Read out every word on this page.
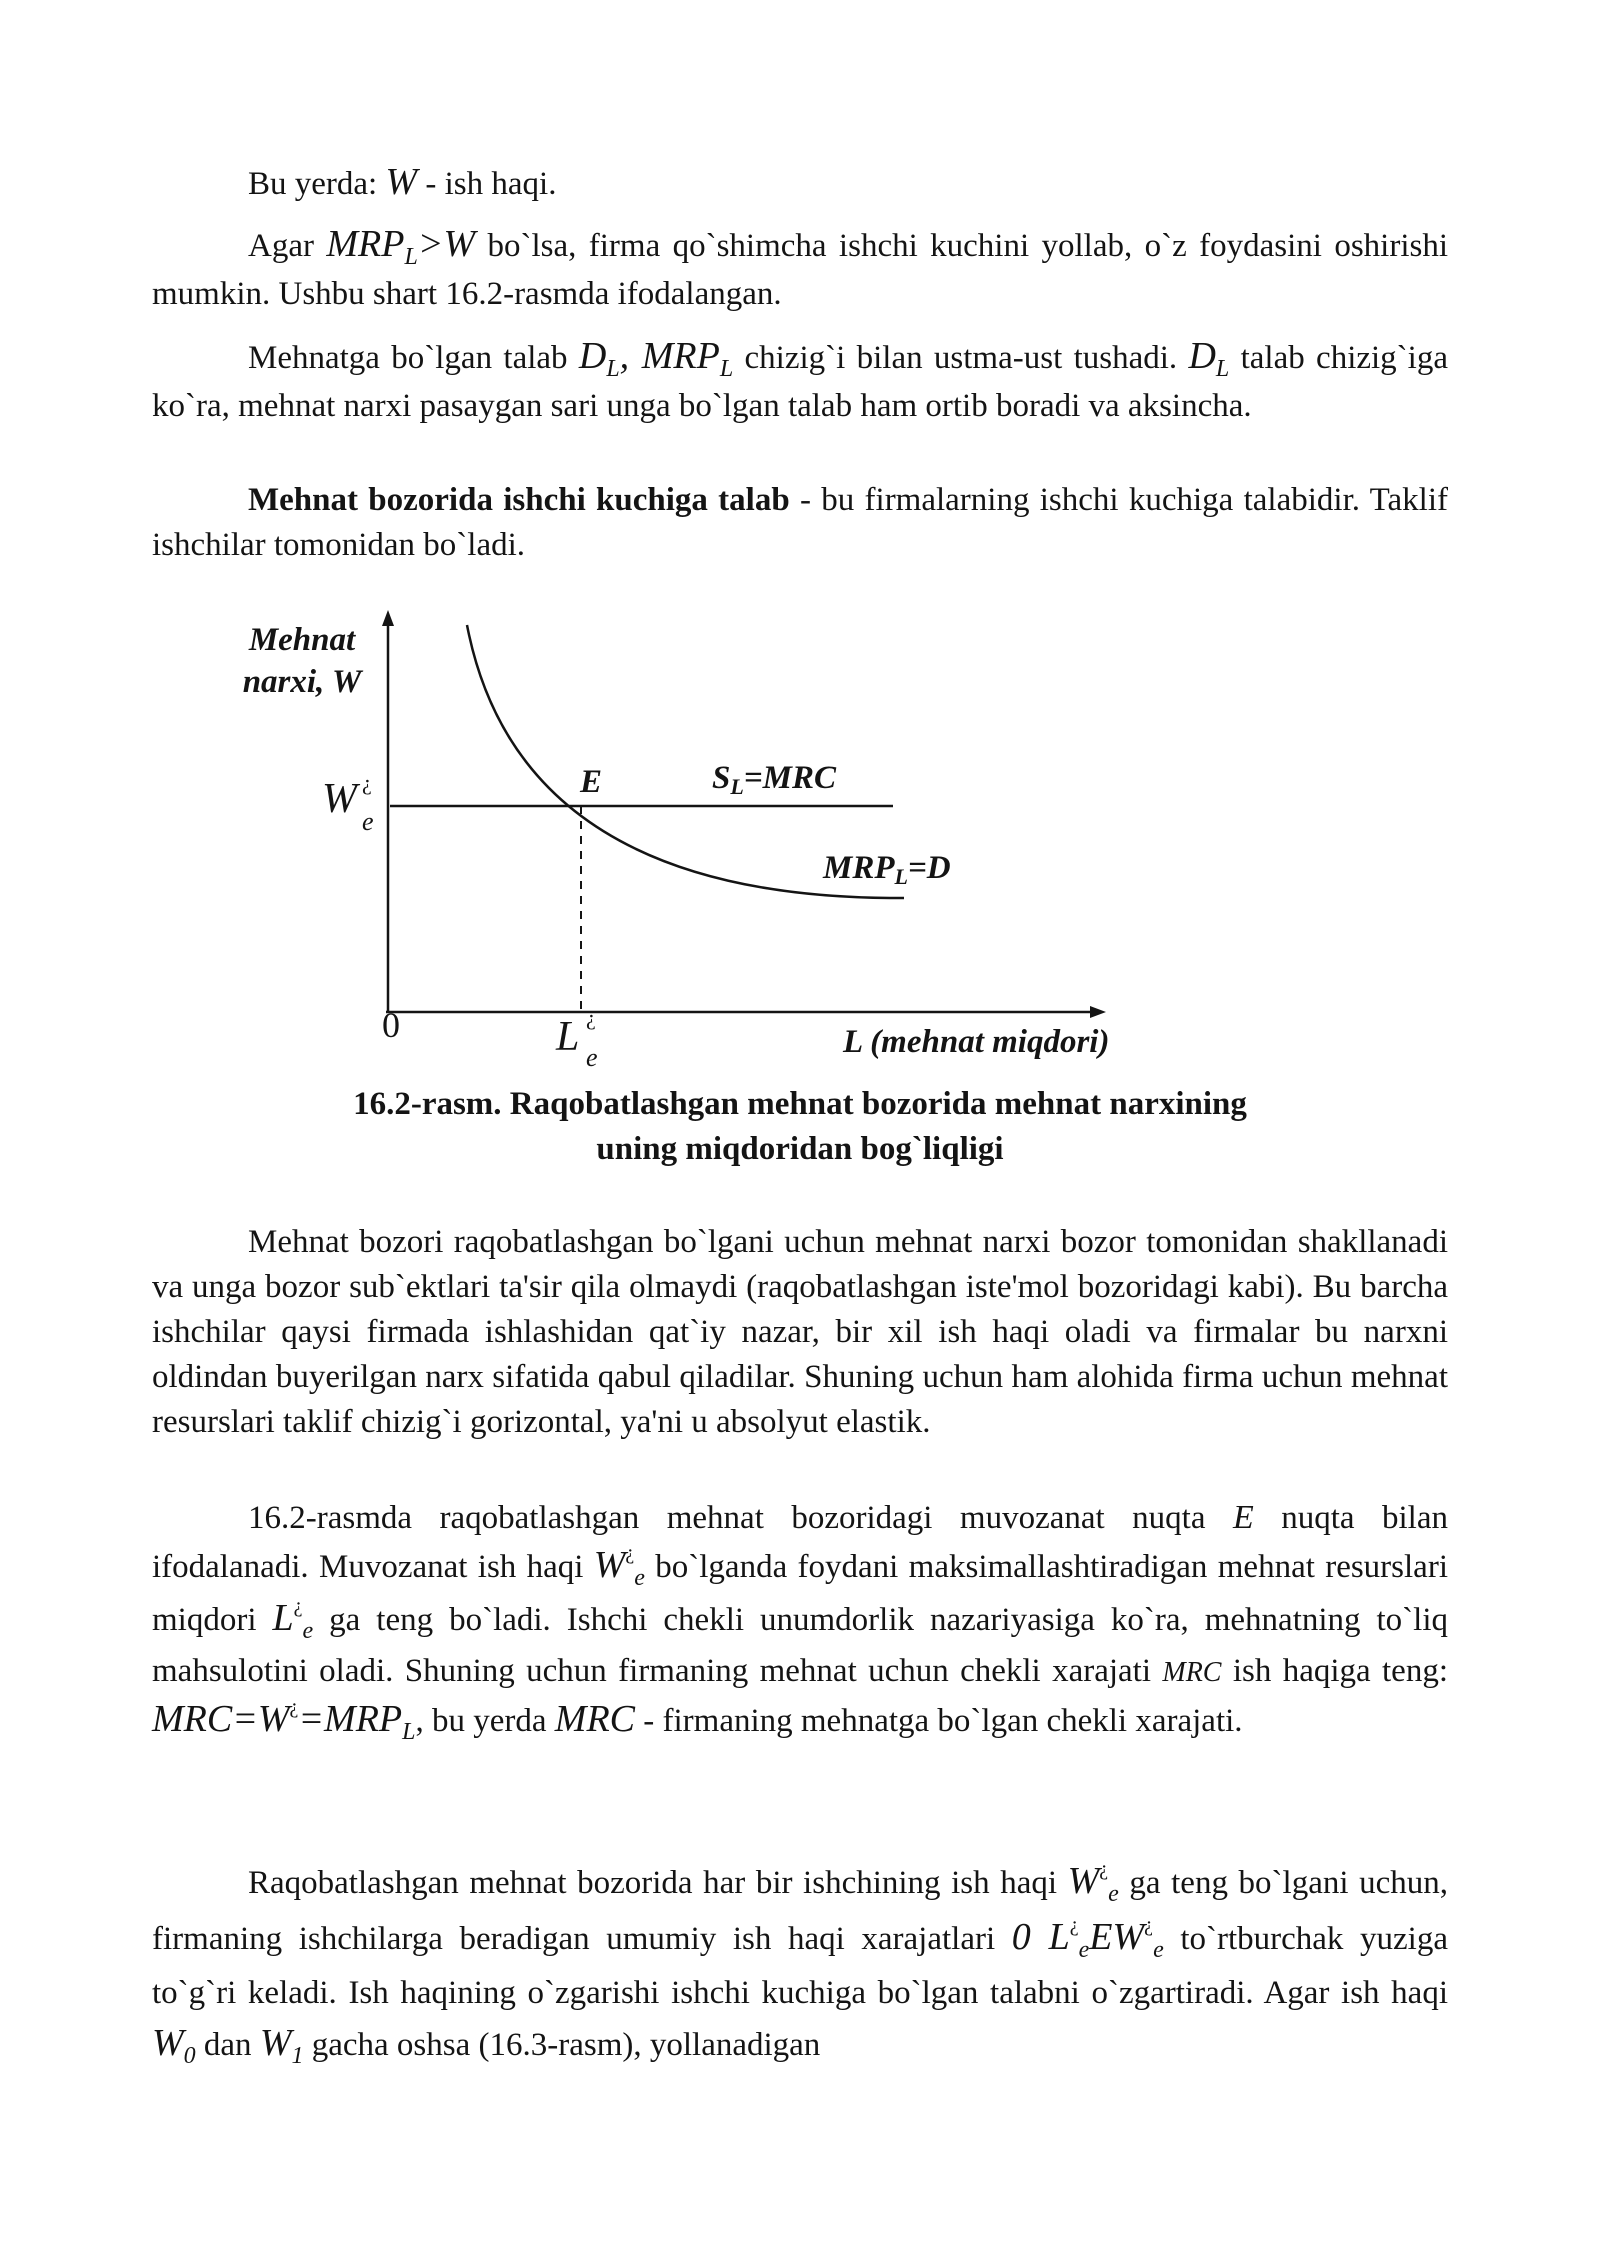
Bu yerda: W - ish haqi.

Agar $MRP_L>W$ bo`lsa, firma qo`shimcha ishchi kuchini yollab, o`z foydasini oshirishi mumkin. Ushbu shart 16.2-rasmda ifodalangan.

Mehnatga bo`lgan talab $D_L$, $MRP_L$ chizig`i bilan ustma-ust tushadi. $D_L$ talab chizig`iga ko`ra, mehnat narxi pasaygan sari unga bo`lgan talab ham ortib boradi va aksincha.

Mehnat bozorida ishchi kuchiga talab - bu firmalarning ishchi kuchiga talabidir. Taklif ishchilar tomonidan bo`ladi.

Mehnat
narxi, W
W ¿
e
E	SL=MRC
MRPL=D
0	L ¿
e	L (mehnat miqdori)

16.2-rasm. Raqobatlashgan mehnat bozorida mehnat narxining
uning miqdoridan bog`liqligi

Mehnat bozori raqobatlashgan bo`lgani uchun mehnat narxi bozor tomonidan shakllanadi va unga bozor sub`ektlari ta'sir qila olmaydi (raqobatlashgan iste'mol bozoridagi kabi). Bu barcha ishchilar qaysi firmada ishlashidan qat`iy nazar, bir xil ish haqi oladi va firmalar bu narxni oldindan buyerilgan narx sifatida qabul qiladilar. Shuning uchun ham alohida firma uchun mehnat resurslari taklif chizig`i gorizontal, ya'ni u absolyut elastik.

16.2-rasmda raqobatlashgan mehnat bozoridagi muvozanat nuqta E nuqta bilan ifodalanadi. Muvozanat ish haqi $W^¿_e$ bo`lganda foydani maksimallashtiradigan mehnat resurslari miqdori $L^¿_e$ ga teng bo`ladi. Ishchi chekli unumdorlik nazariyasiga ko`ra, mehnatning to`liq mahsulotini oladi. Shuning uchun firmaning mehnat uchun chekli xarajati MRC ish haqiga teng: $MRC=W^¿=MRP_L$, bu yerda MRC - firmaning mehnatga bo`lgan chekli xarajati.

Raqobatlashgan mehnat bozorida har bir ishchining ish haqi $W^¿_e$ ga teng bo`lgani uchun, firmaning ishchilarga beradigan umumiy ish haqi xarajatlari 0 $L^¿_eEW^¿_e$ to`rtburchak yuziga to`g`ri keladi. Ish haqining o`zgarishi ishchi kuchiga bo`lgan talabni o`zgartiradi. Agar ish haqi $W_0$ dan $W_1$ gacha oshsa (16.3-rasm), yollanadigan
